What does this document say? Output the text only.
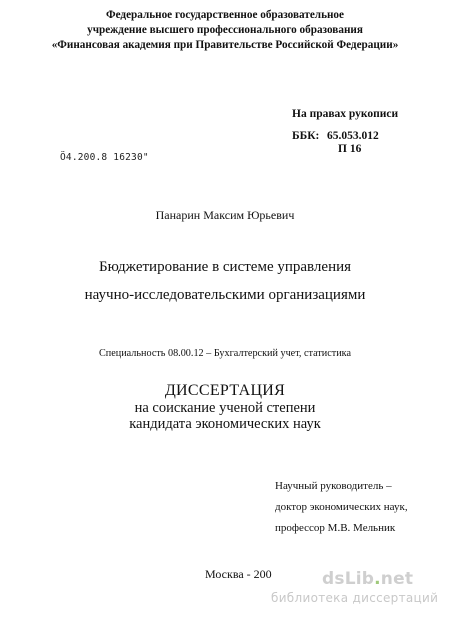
Федеральное государственное образовательное
учреждение высшего профессионального образования
«Финансовая академия при Правительстве Российской Федерации»
На правах рукописи
ББК: 65.053.012
П 16
Ӧ4.200.8 16230"
Панарин Максим Юрьевич
Бюджетирование в системе управления
научно-исследовательскими организациями
Специальность 08.00.12 – Бухгалтерский учет, статистика
ДИССЕРТАЦИЯ
на соискание ученой степени
кандидата экономических наук
Научный руководитель –
доктор экономических наук,
профессор М.В. Мельник
Москва - 200	dsLib.net
библиотека диссертаций
